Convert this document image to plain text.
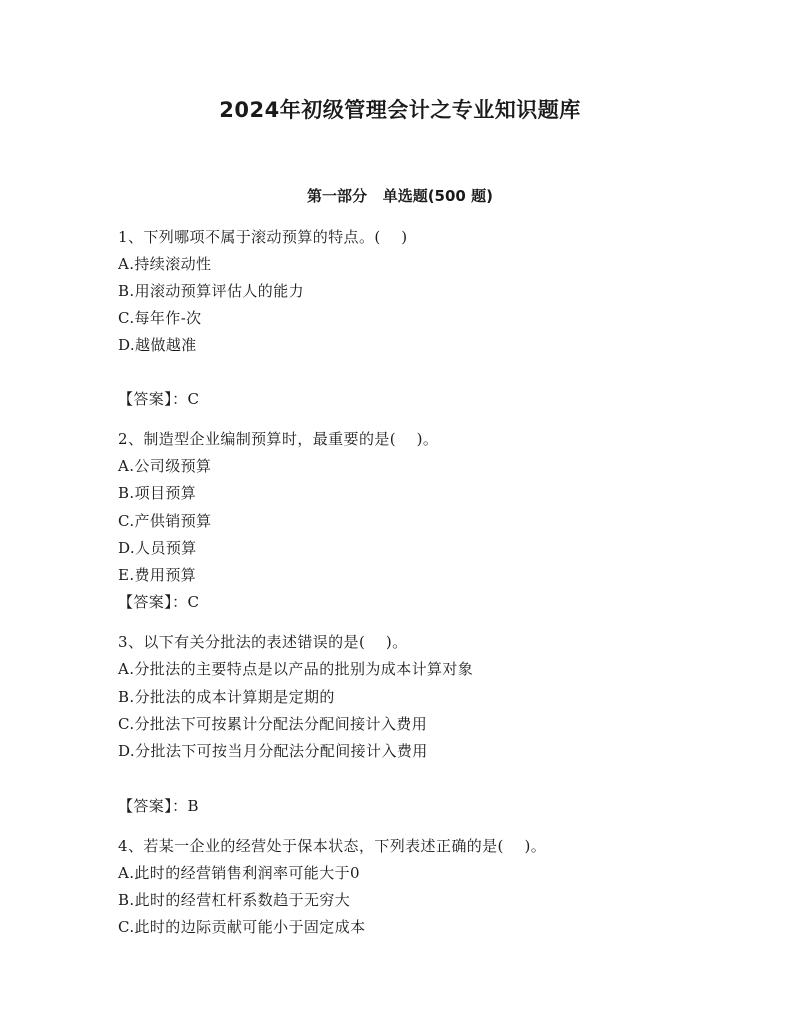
2024年初级管理会计之专业知识题库
第一部分   单选题(500 题)
1、下列哪项不属于滚动预算的特点。(    )
A.持续滚动性
B.用滚动预算评估人的能力
C.每年作-次
D.越做越准
【答案】：C
2、制造型企业编制预算时，最重要的是(    )。
A.公司级预算
B.项目预算
C.产供销预算
D.人员预算
E.费用预算
【答案】：C
3、以下有关分批法的表述错误的是(    )。
A.分批法的主要特点是以产品的批别为成本计算对象
B.分批法的成本计算期是定期的
C.分批法下可按累计分配法分配间接计入费用
D.分批法下可按当月分配法分配间接计入费用
【答案】：B
4、若某一企业的经营处于保本状态，下列表述正确的是(    )。
A.此时的经营销售利润率可能大于0
B.此时的经营杠杆系数趋于无穷大
C.此时的边际贡献可能小于固定成本
